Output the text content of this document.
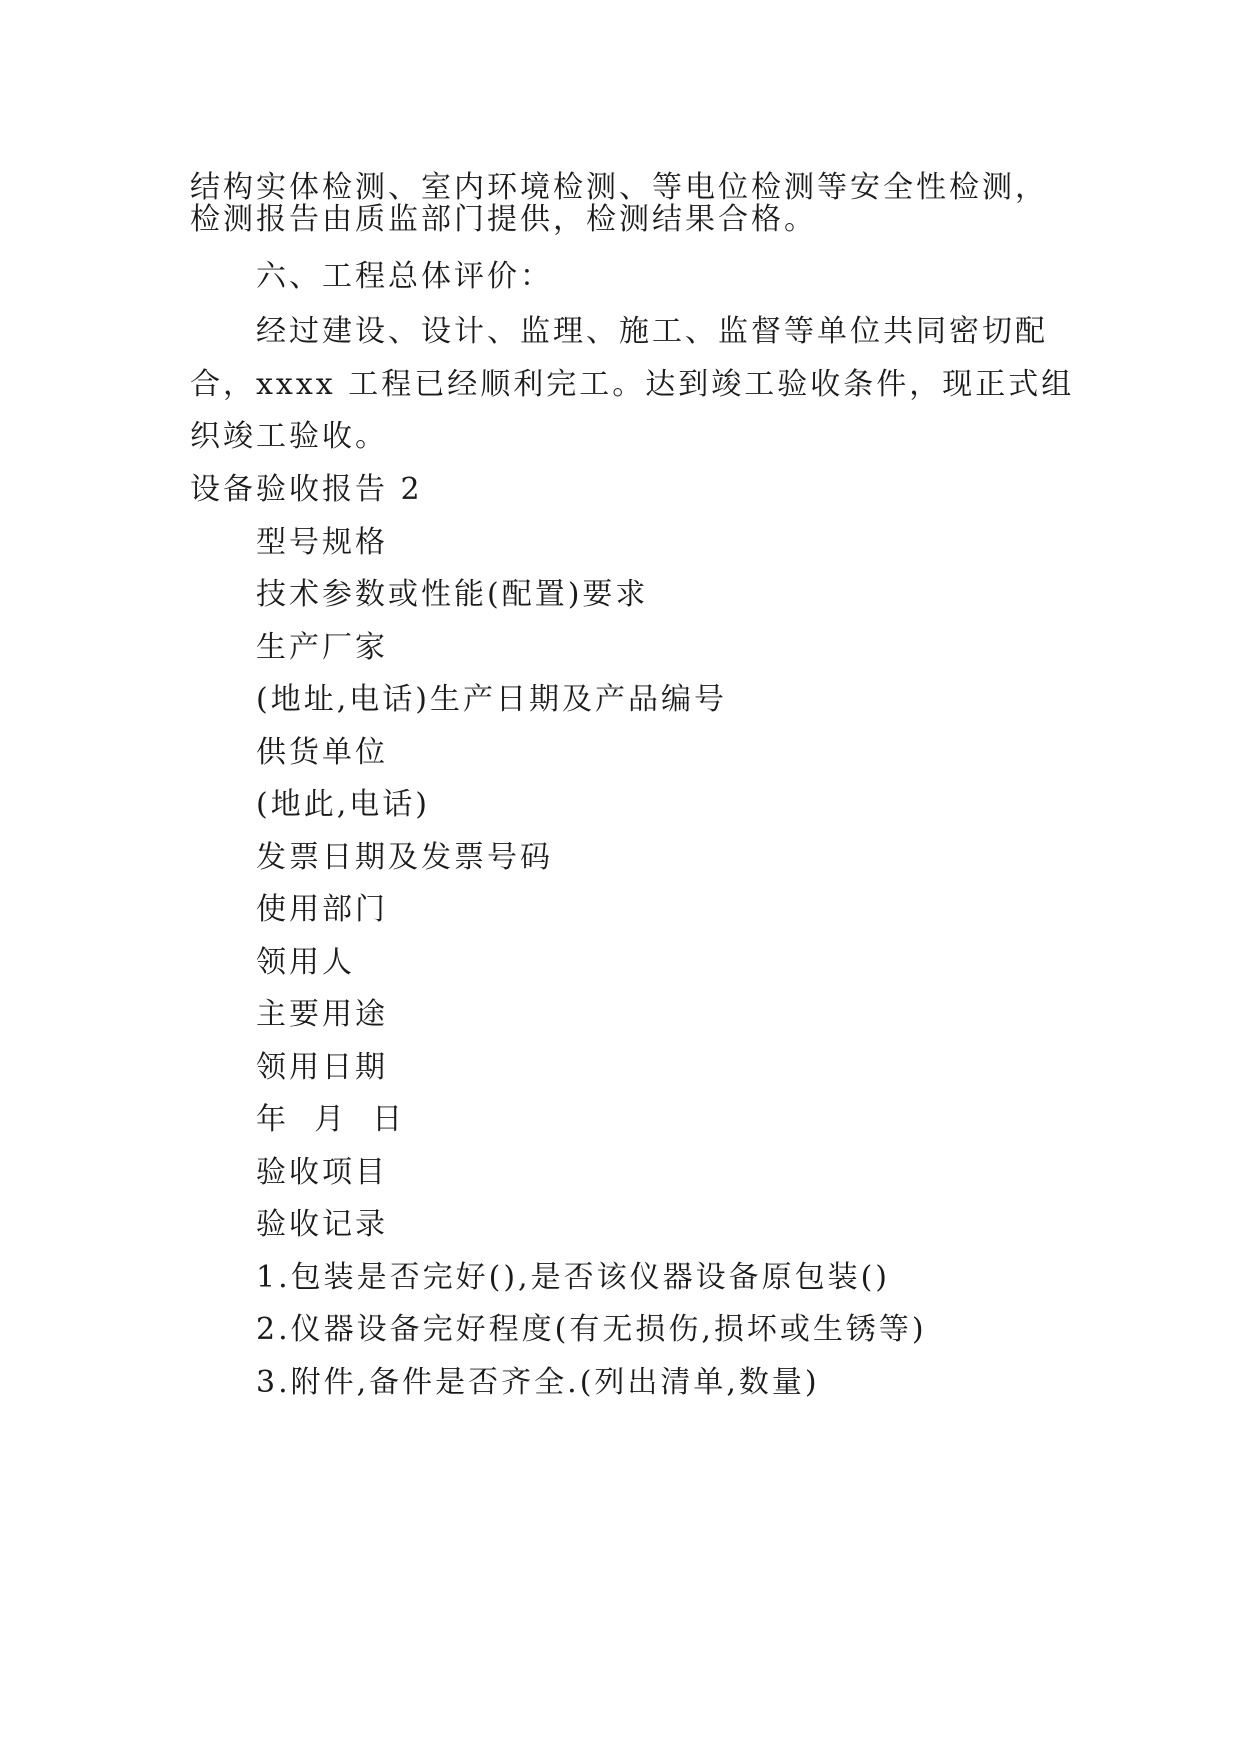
结构实体检测、室内环境检测、等电位检测等安全性检测，
检测报告由质监部门提供，检测结果合格。
六、工程总体评价：
经过建设、设计、监理、施工、监督等单位共同密切配
合，xxxx 工程已经顺利完工。达到竣工验收条件，现正式组
织竣工验收。
设备验收报告 2
型号规格
技术参数或性能(配置)要求
生产厂家
(地址,电话)生产日期及产品编号
供货单位
(地此,电话)
发票日期及发票号码
使用部门
领用人
主要用途
领用日期
年  月  日
验收项目
验收记录
1.包装是否完好(),是否该仪器设备原包装()
2.仪器设备完好程度(有无损伤,损坏或生锈等)
3.附件,备件是否齐全.(列出清单,数量)
